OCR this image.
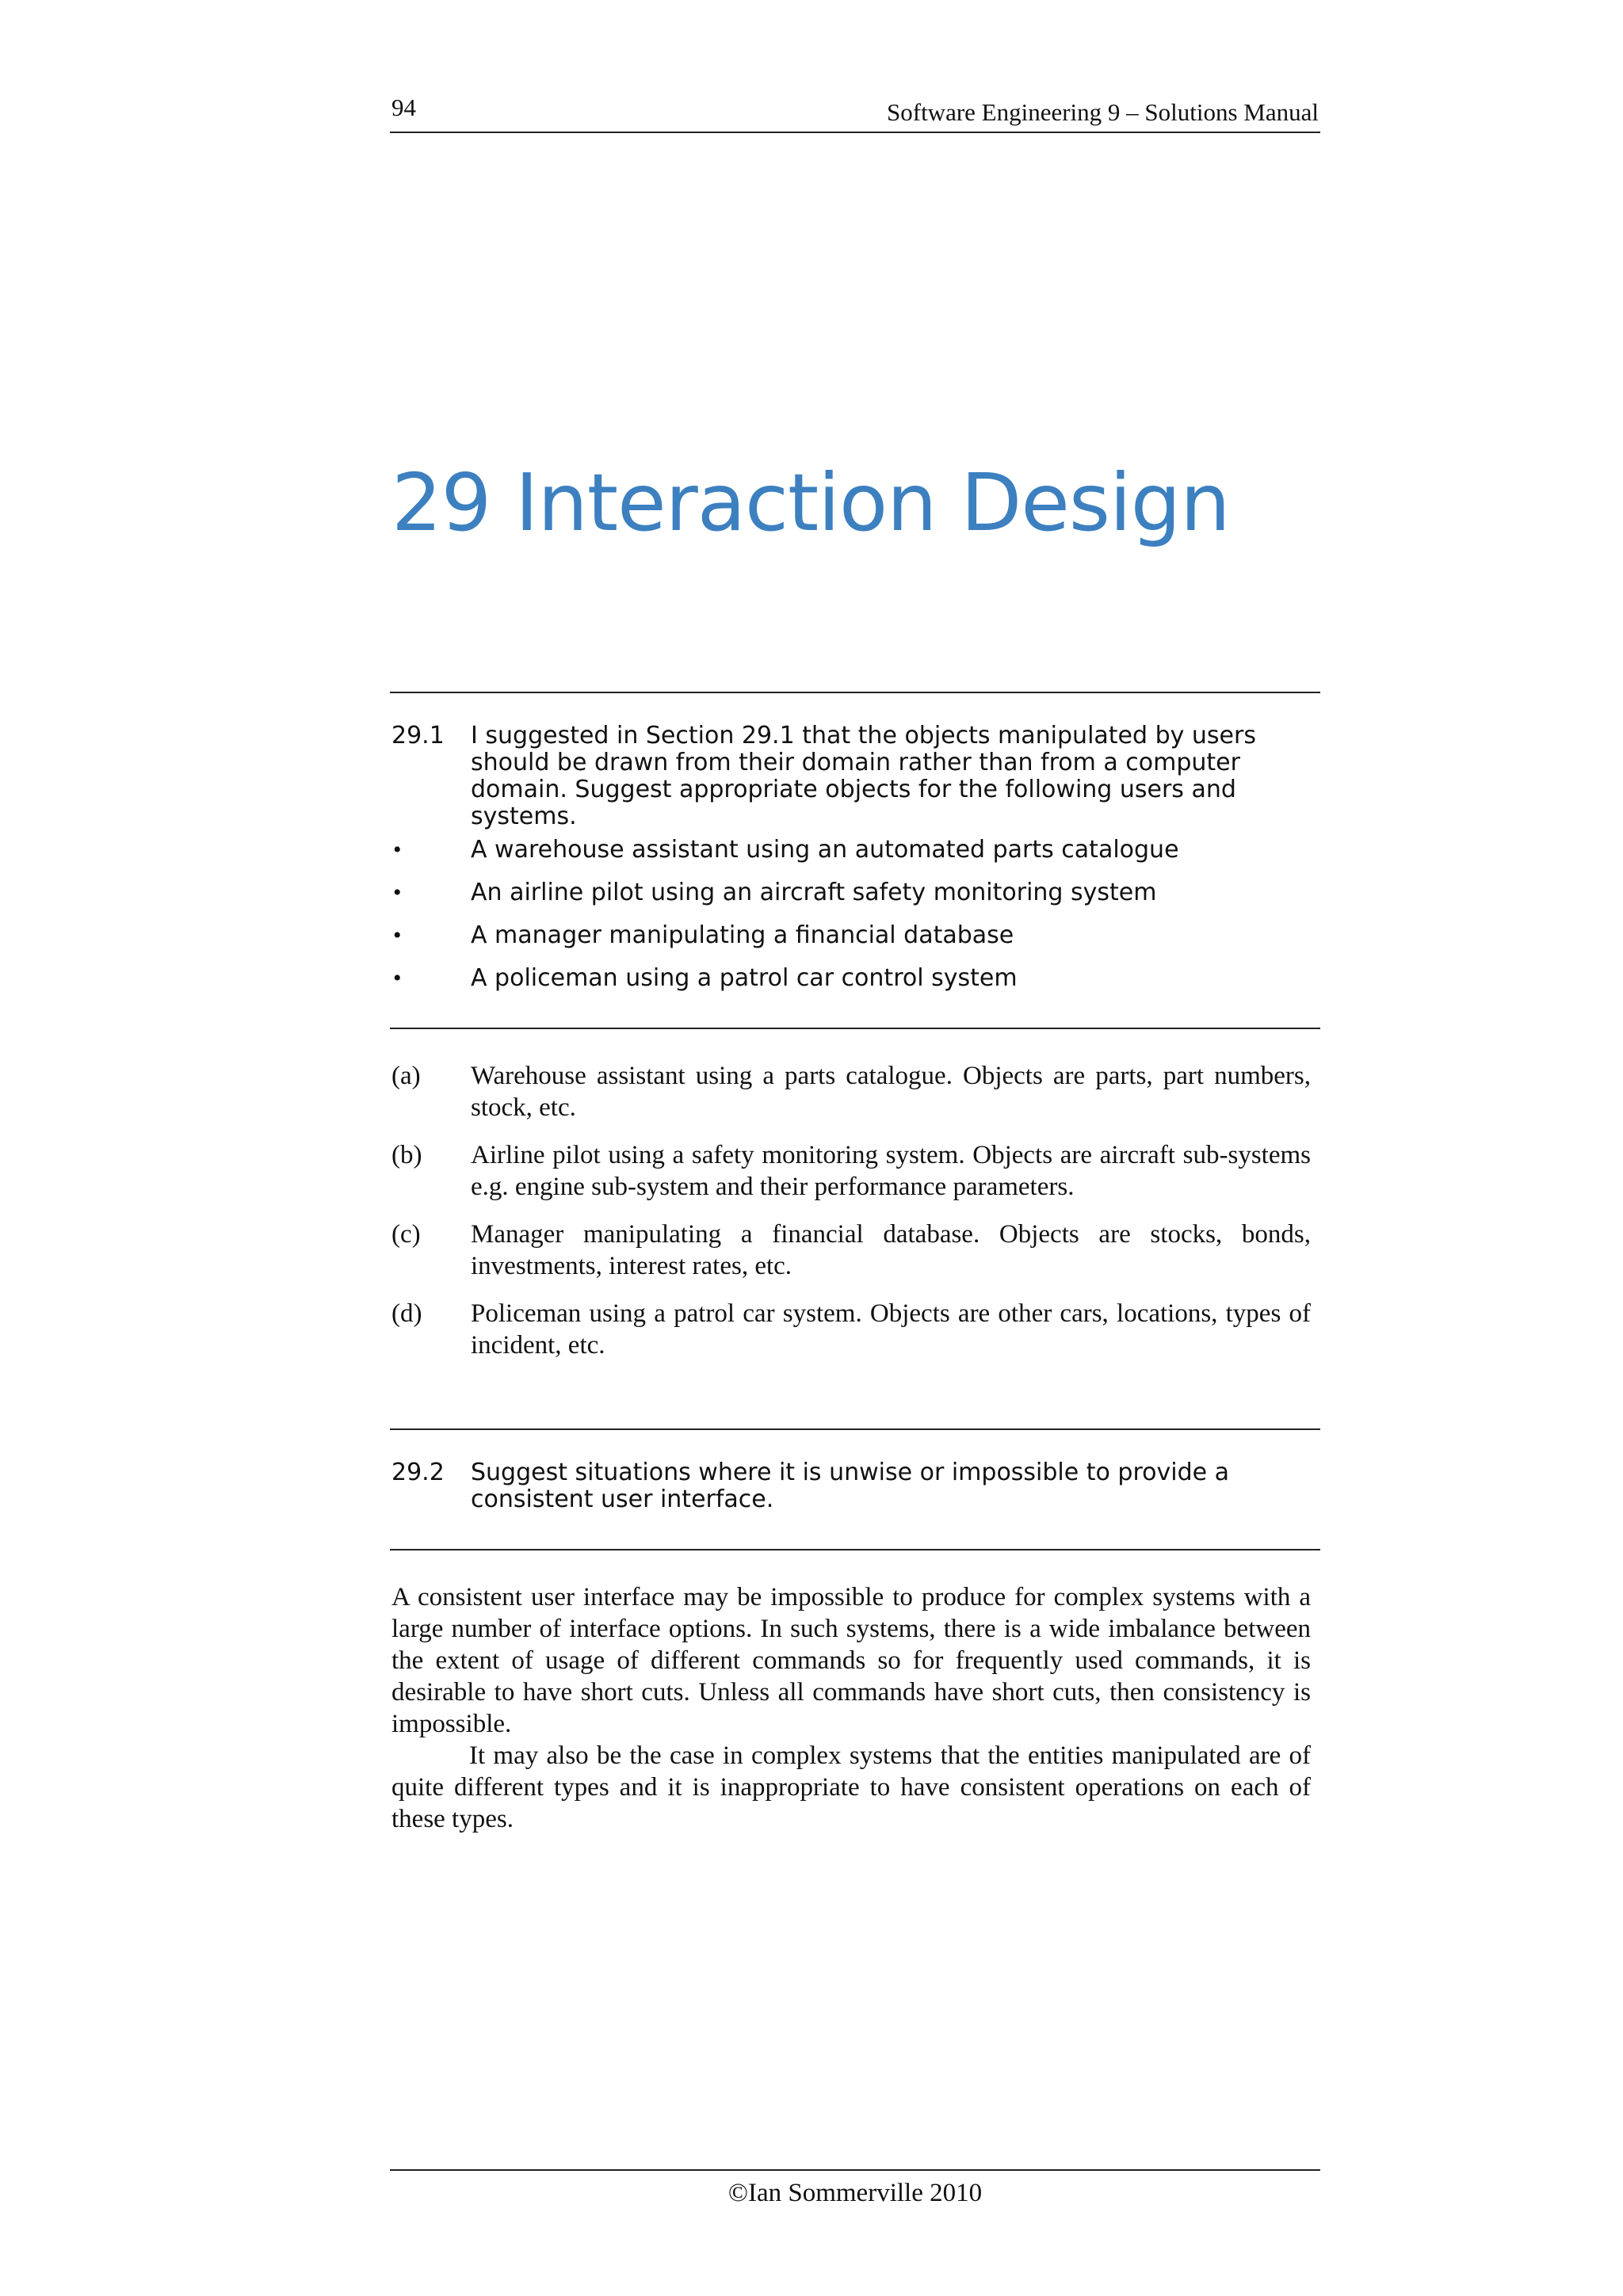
94	Software Engineering 9 – Solutions Manual
29 Interaction Design
29.1	I suggested in Section 29.1 that the objects manipulated by users should be drawn from their domain rather than from a computer domain. Suggest appropriate objects for the following users and systems.
•	A warehouse assistant using an automated parts catalogue
•	An airline pilot using an aircraft safety monitoring system
•	A manager manipulating a financial database
•	A policeman using a patrol car control system
(a)	Warehouse assistant using a parts catalogue. Objects are parts, part numbers, stock, etc.
(b)	Airline pilot using a safety monitoring system. Objects are aircraft sub-systems e.g. engine sub-system and their performance parameters.
(c)	Manager manipulating a financial database. Objects are stocks, bonds, investments, interest rates, etc.
(d)	Policeman using a patrol car system. Objects are other cars, locations, types of incident, etc.
29.2	Suggest situations where it is unwise or impossible to provide a consistent user interface.

A consistent user interface may be impossible to produce for complex systems with a large number of interface options. In such systems, there is a wide imbalance between the extent of usage of different commands so for frequently used commands, it is desirable to have short cuts. Unless all commands have short cuts, then consistency is impossible.

It may also be the case in complex systems that the entities manipulated are of quite different types and it is inappropriate to have consistent operations on each of these types.

©Ian Sommerville 2010
